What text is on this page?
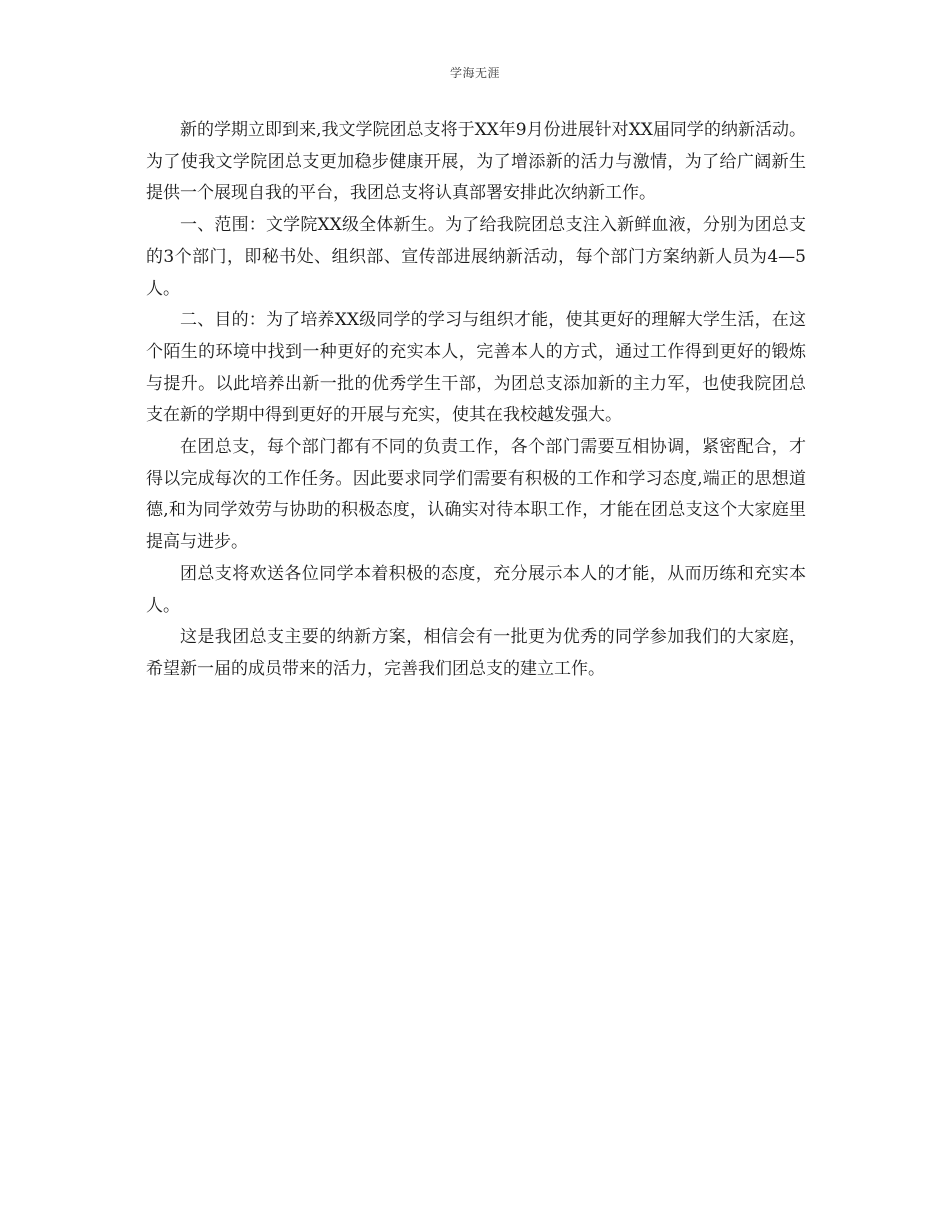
学海无涯

新的学期立即到来,我文学院团总支将于XX年9月份进展针对XX届同学的纳新活动。为了使我文学院团总支更加稳步健康开展，为了增添新的活力与激情，为了给广阔新生提供一个展现自我的平台，我团总支将认真部署安排此次纳新工作。

一、范围：文学院XX级全体新生。为了给我院团总支注入新鲜血液，分别为团总支的3个部门，即秘书处、组织部、宣传部进展纳新活动，每个部门方案纳新人员为4—5人。

二、目的：为了培养XX级同学的学习与组织才能，使其更好的理解大学生活，在这个陌生的环境中找到一种更好的充实本人，完善本人的方式，通过工作得到更好的锻炼与提升。以此培养出新一批的优秀学生干部，为团总支添加新的主力军，也使我院团总支在新的学期中得到更好的开展与充实，使其在我校越发强大。

在团总支，每个部门都有不同的负责工作，各个部门需要互相协调，紧密配合，才得以完成每次的工作任务。因此要求同学们需要有积极的工作和学习态度,端正的思想道德,和为同学效劳与协助的积极态度，认确实对待本职工作，才能在团总支这个大家庭里提高与进步。

团总支将欢送各位同学本着积极的态度，充分展示本人的才能，从而历练和充实本人。

这是我团总支主要的纳新方案，相信会有一批更为优秀的同学参加我们的大家庭，希望新一届的成员带来的活力，完善我们团总支的建立工作。
